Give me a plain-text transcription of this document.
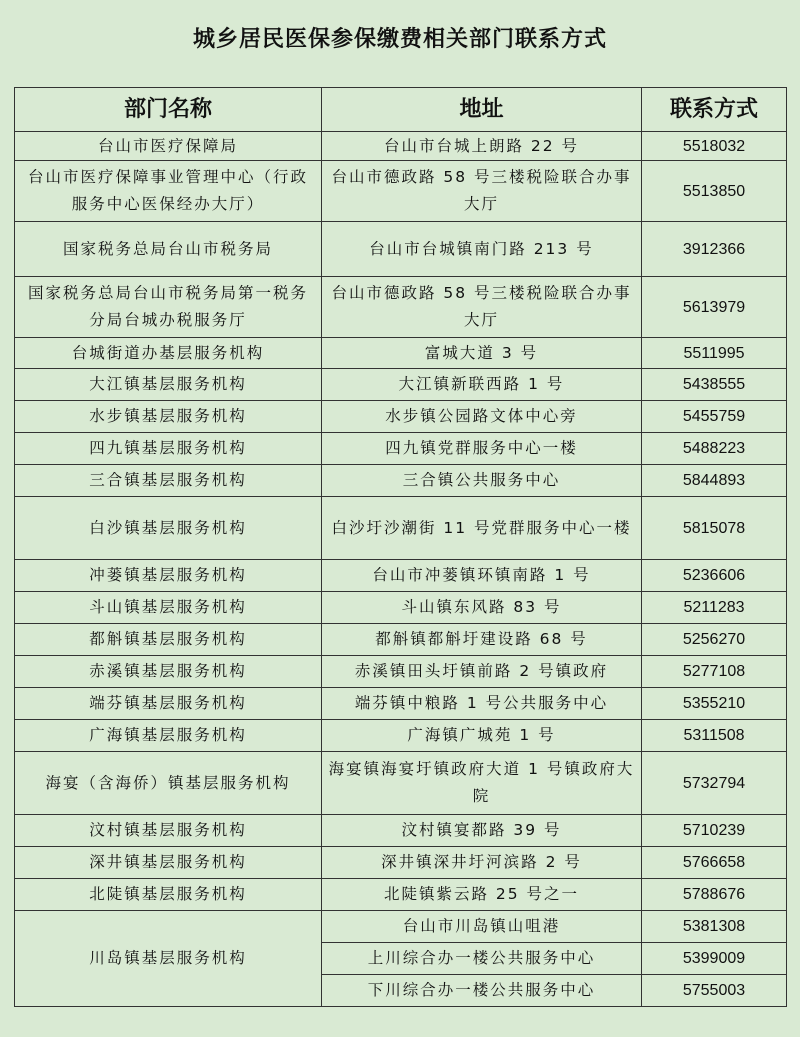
城乡居民医保参保缴费相关部门联系方式
部门名称	地址	联系方式
台山市医疗保障局	台山市台城上朗路 22 号	5518032
台山市医疗保障事业管理中心（行政服务中心医保经办大厅）	台山市德政路 58 号三楼税险联合办事大厅	5513850
国家税务总局台山市税务局	台山市台城镇南门路 213 号	3912366
国家税务总局台山市税务局第一税务分局台城办税服务厅	台山市德政路 58 号三楼税险联合办事大厅	5613979
台城街道办基层服务机构	富城大道 3 号	5511995
大江镇基层服务机构	大江镇新联西路 1 号	5438555
水步镇基层服务机构	水步镇公园路文体中心旁	5455759
四九镇基层服务机构	四九镇党群服务中心一楼	5488223
三合镇基层服务机构	三合镇公共服务中心	5844893
白沙镇基层服务机构	白沙圩沙潮街 11 号党群服务中心一楼	5815078
冲蒌镇基层服务机构	台山市冲蒌镇环镇南路 1 号	5236606
斗山镇基层服务机构	斗山镇东风路 83 号	5211283
都斛镇基层服务机构	都斛镇都斛圩建设路 68 号	5256270
赤溪镇基层服务机构	赤溪镇田头圩镇前路 2 号镇政府	5277108
端芬镇基层服务机构	端芬镇中粮路 1 号公共服务中心	5355210
广海镇基层服务机构	广海镇广城苑 1 号	5311508
海宴（含海侨）镇基层服务机构	海宴镇海宴圩镇政府大道 1 号镇政府大院	5732794
汶村镇基层服务机构	汶村镇宴都路 39 号	5710239
深井镇基层服务机构	深井镇深井圩河滨路 2 号	5766658
北陡镇基层服务机构	北陡镇紫云路 25 号之一	5788676
川岛镇基层服务机构	台山市川岛镇山咀港	5381308
	上川综合办一楼公共服务中心	5399009
	下川综合办一楼公共服务中心	5755003
